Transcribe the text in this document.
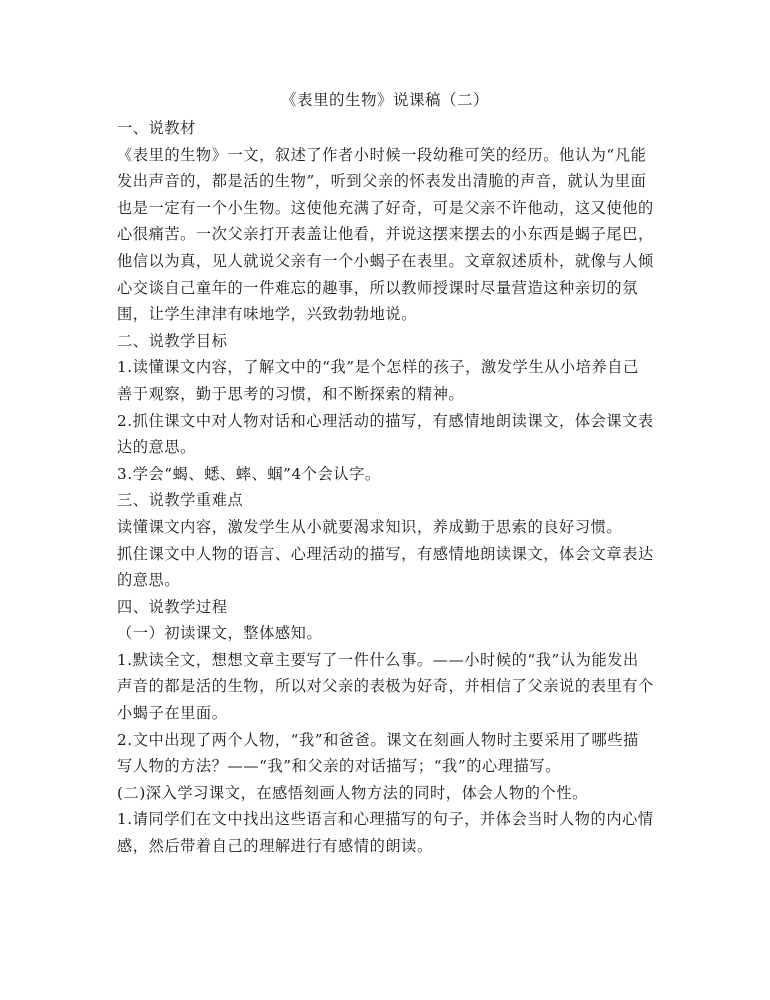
《表里的生物》说课稿（二）
一、说教材
《表里的生物》一文，叙述了作者小时候一段幼稚可笑的经历。他认为“凡能
发出声音的，都是活的生物”，听到父亲的怀表发出清脆的声音，就认为里面
也是一定有一个小生物。这使他充满了好奇，可是父亲不许他动，这又使他的
心很痛苦。一次父亲打开表盖让他看，并说这摆来摆去的小东西是蝎子尾巴，
他信以为真，见人就说父亲有一个小蝎子在表里。文章叙述质朴，就像与人倾
心交谈自己童年的一件难忘的趣事，所以教师授课时尽量营造这种亲切的氛
围，让学生津津有味地学，兴致勃勃地说。
二、说教学目标
1.读懂课文内容，了解文中的“我”是个怎样的孩子，激发学生从小培养自己
善于观察，勤于思考的习惯，和不断探索的精神。
2.抓住课文中对人物对话和心理活动的描写，有感情地朗读课文，体会课文表
达的意思。
3.学会“蝎、蟋、蟀、蝈”4个会认字。
三、说教学重难点
读懂课文内容，激发学生从小就要渴求知识，养成勤于思索的良好习惯。
抓住课文中人物的语言、心理活动的描写，有感情地朗读课文，体会文章表达
的意思。
四、说教学过程
（一）初读课文，整体感知。
1.默读全文，想想文章主要写了一件什么事。——小时候的“我”认为能发出
声音的都是活的生物，所以对父亲的表极为好奇，并相信了父亲说的表里有个
小蝎子在里面。
2.文中出现了两个人物，“我”和爸爸。课文在刻画人物时主要采用了哪些描
写人物的方法？——“我”和父亲的对话描写；“我”的心理描写。
(二)深入学习课文，在感悟刻画人物方法的同时，体会人物的个性。
1.请同学们在文中找出这些语言和心理描写的句子，并体会当时人物的内心情
感，然后带着自己的理解进行有感情的朗读。
